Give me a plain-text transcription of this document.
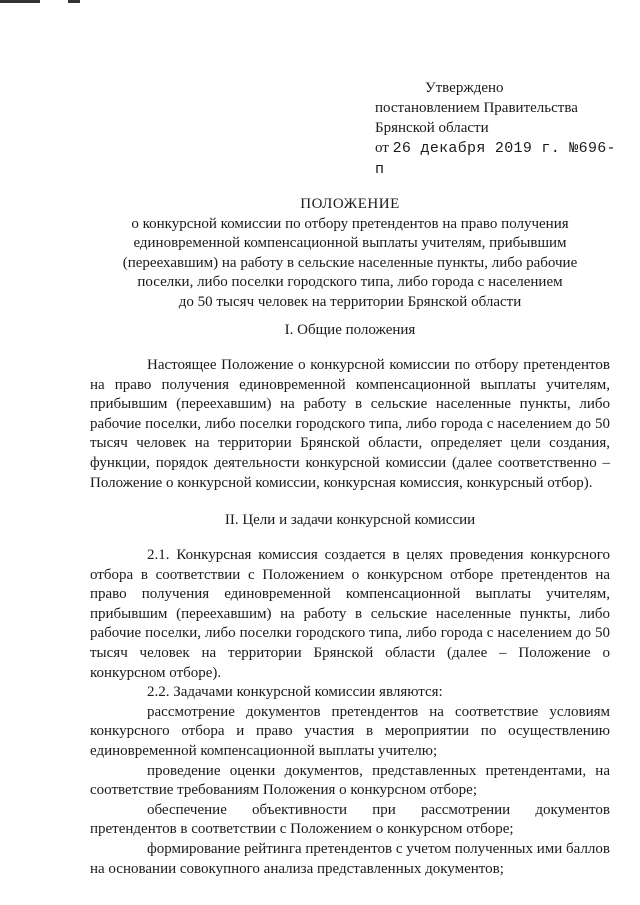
Утверждено
постановлением Правительства
Брянской области
от 26 декабря 2019 г. №696-п
ПОЛОЖЕНИЕ
о конкурсной комиссии по отбору претендентов на право получения
единовременной компенсационной выплаты учителям, прибывшим
(переехавшим) на работу в сельские населенные пункты, либо рабочие
поселки, либо поселки городского типа, либо города с населением
до 50 тысяч человек на территории Брянской области
I. Общие положения

Настоящее Положение о конкурсной комиссии по отбору претендентов на право получения единовременной компенсационной выплаты учителям, прибывшим (переехавшим) на работу в сельские населенные пункты, либо рабочие поселки, либо поселки городского типа, либо города с населением до 50 тысяч человек на территории Брянской области, определяет цели создания, функции, порядок деятельности конкурсной комиссии (далее соответственно – Положение о конкурсной комиссии, конкурсная комиссия, конкурсный отбор).

II. Цели и задачи конкурсной комиссии

2.1. Конкурсная комиссия создается в целях проведения конкурсного отбора в соответствии с Положением о конкурсном отборе претендентов на право получения единовременной компенсационной выплаты учителям, прибывшим (переехавшим) на работу в сельские населенные пункты, либо рабочие поселки, либо поселки городского типа, либо города с населением до 50 тысяч человек на территории Брянской области (далее – Положение о конкурсном отборе).

2.2. Задачами конкурсной комиссии являются:

рассмотрение документов претендентов на соответствие условиям конкурсного отбора и право участия в мероприятии по осуществлению единовременной компенсационной выплаты учителю;

проведение оценки документов, представленных претендентами, на соответствие требованиям Положения о конкурсном отборе;

обеспечение объективности при рассмотрении документов претендентов в соответствии с Положением о конкурсном отборе;

формирование рейтинга претендентов с учетом полученных ими баллов на основании совокупного анализа представленных документов;
